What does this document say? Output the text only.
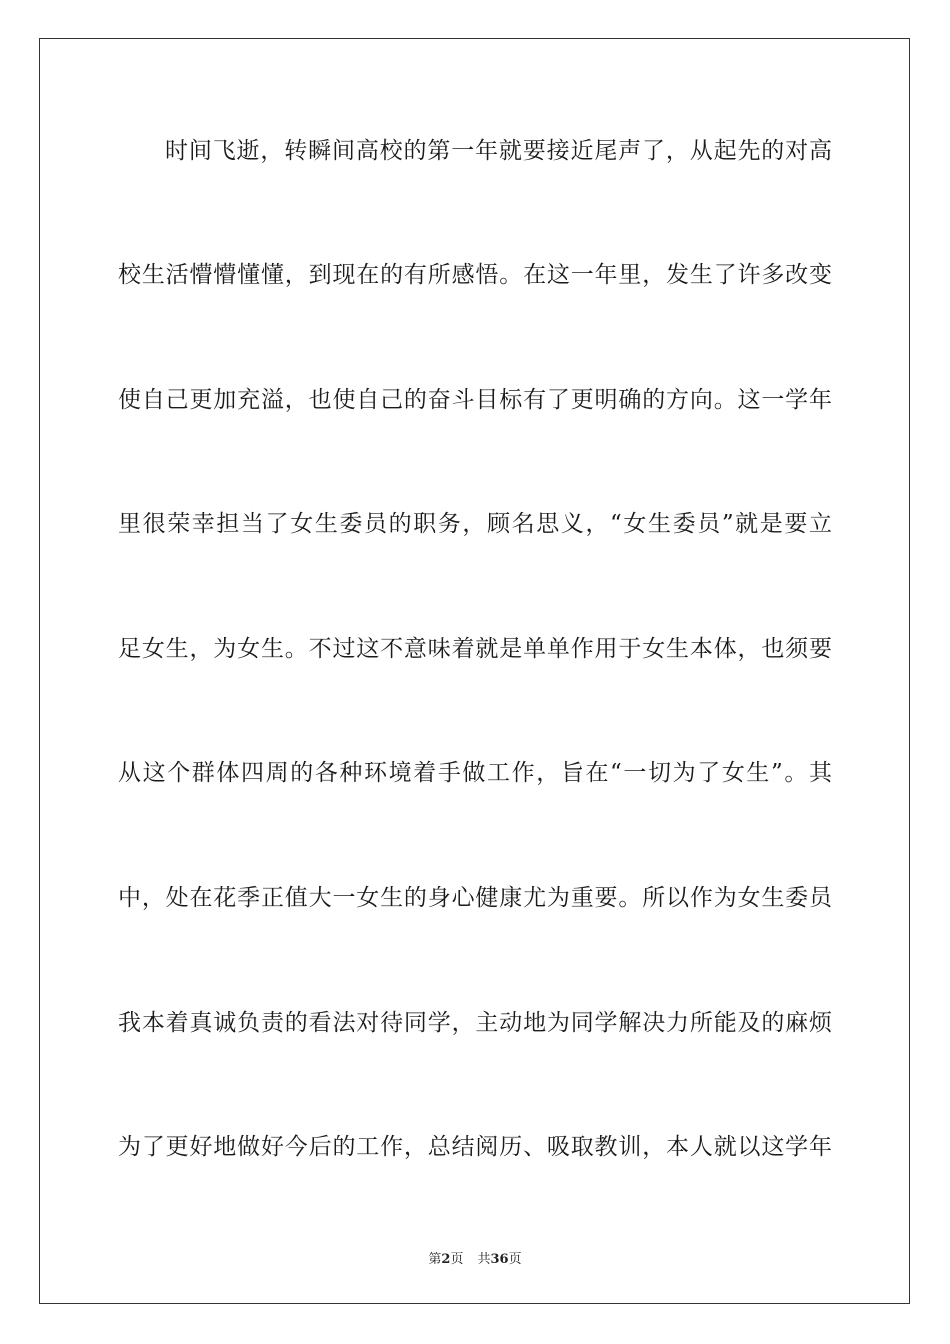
时间飞逝，转瞬间高校的第一年就要接近尾声了，从起先的对高
校生活懵懵懂懂，到现在的有所感悟。在这一年里，发生了许多改变
使自己更加充溢，也使自己的奋斗目标有了更明确的方向。这一学年
里很荣幸担当了女生委员的职务，顾名思义，“女生委员”就是要立
足女生，为女生。不过这不意味着就是单单作用于女生本体，也须要
从这个群体四周的各种环境着手做工作，旨在“一切为了女生”。其
中，处在花季正值大一女生的身心健康尤为重要。所以作为女生委员
我本着真诚负责的看法对待同学，主动地为同学解决力所能及的麻烦
为了更好地做好今后的工作，总结阅历、吸取教训，本人就以这学年
第2页 共36页
